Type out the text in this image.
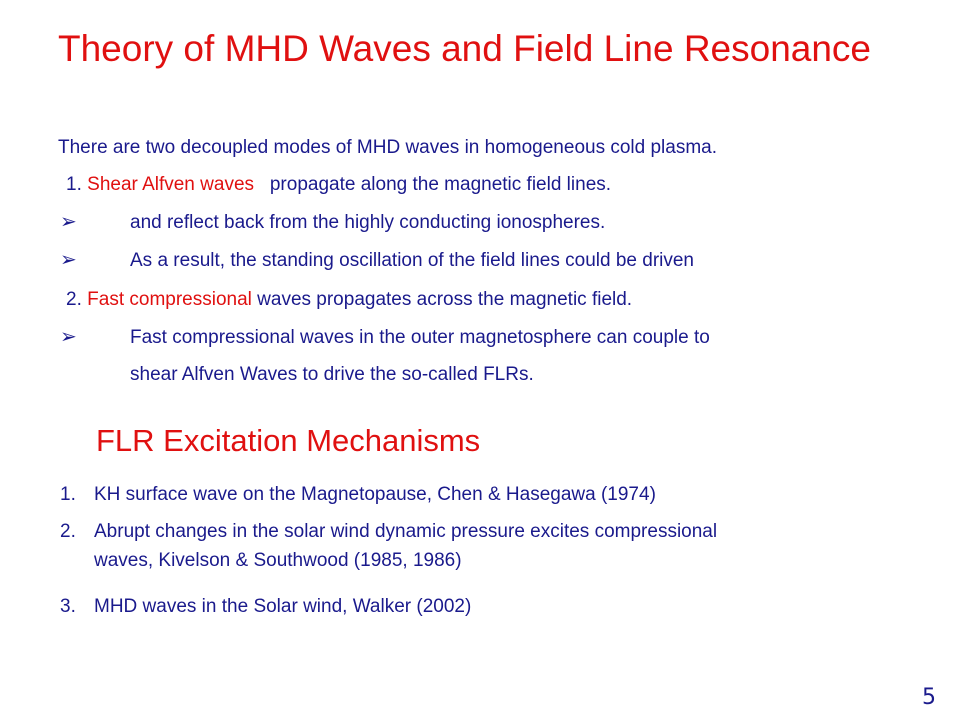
Theory of MHD Waves and Field Line Resonance
There are two decoupled modes of MHD waves in homogeneous cold plasma.
1. Shear Alfven waves propagate along the magnetic field lines.
➢	and reflect back from the highly conducting ionospheres.
➢	As a result, the standing oscillation of the field lines could be driven
2. Fast compressional waves propagates across the magnetic field.
➢	Fast compressional waves in the outer magnetosphere can couple to
shear Alfven Waves to drive the so-called FLRs.
FLR Excitation Mechanisms
1. KH surface wave on the Magnetopause, Chen & Hasegawa (1974)
2. Abrupt changes in the solar wind dynamic pressure excites compressional
waves, Kivelson & Southwood (1985, 1986)
3. MHD waves in the Solar wind, Walker (2002)
5
